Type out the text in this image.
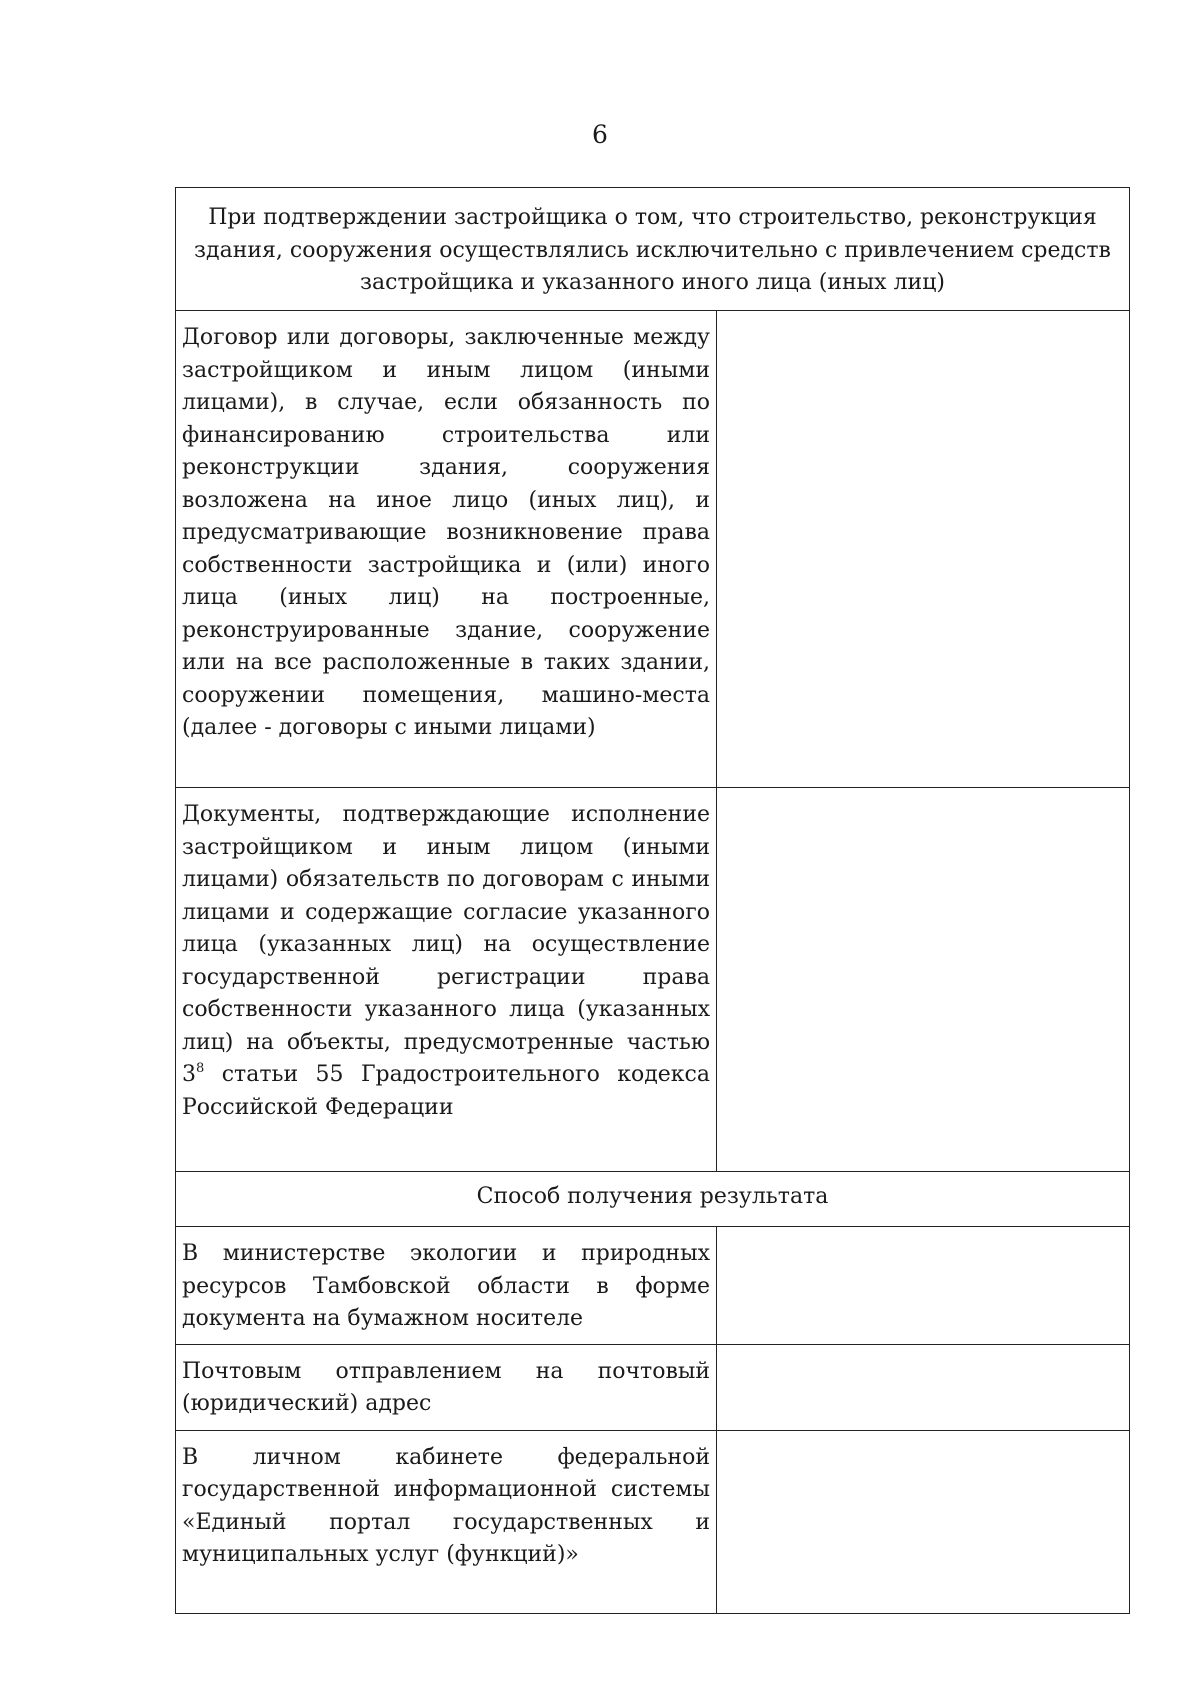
6
При подтверждении застройщика о том, что строительство, реконструкция здания, сооружения осуществлялись исключительно с привлечением средств застройщика и указанного иного лица (иных лиц)	
Договор или договоры, заключенные между застройщиком и иным лицом (иными лицами), в случае, если обязанность по финансированию строительства или реконструкции здания, сооружения возложена на иное лицо (иных лиц), и предусматривающие возникновение права собственности застройщика и (или) иного лица (иных лиц) на построенные, реконструированные здание, сооружение или на все расположенные в таких здании, сооружении помещения, машино-места (далее - договоры с иными лицами)	
Документы, подтверждающие исполнение застройщиком и иным лицом (иными лицами) обязательств по договорам с иными лицами и содержащие согласие указанного лица (указанных лиц) на осуществление государственной регистрации права собственности указанного лица (указанных лиц) на объекты, предусмотренные частью $3^8$ статьи 55 Градостроительного кодекса Российской Федерации	
Способ получения результата	
В министерстве экологии и природных ресурсов Тамбовской области в форме документа на бумажном носителе	
Почтовым отправлением на почтовый (юридический) адрес	
В личном кабинете федеральной государственной информационной системы «Единый портал государственных и муниципальных услуг (функций)»	
